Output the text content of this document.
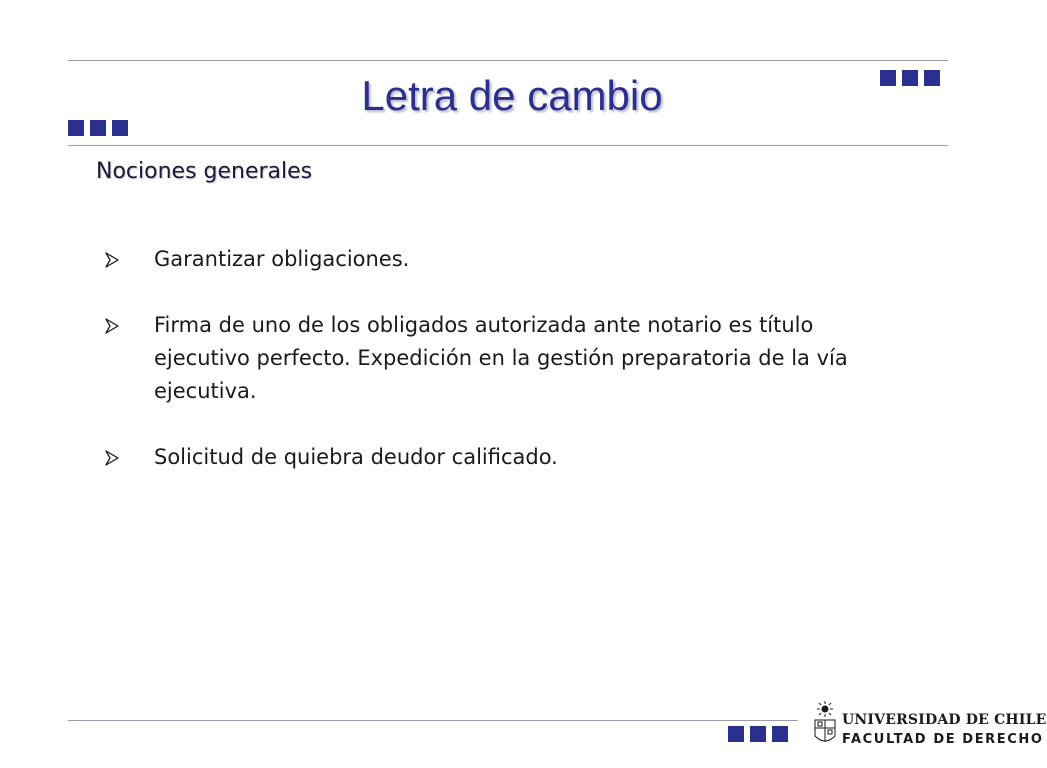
Letra de cambio
Nociones generales
Garantizar obligaciones.
Firma de uno de los obligados autorizada ante notario es título ejecutivo perfecto. Expedición en la gestión preparatoria de la vía ejecutiva.
Solicitud de quiebra deudor calificado.
UNIVERSIDAD DE CHILE
FACULTAD DE DERECHO
